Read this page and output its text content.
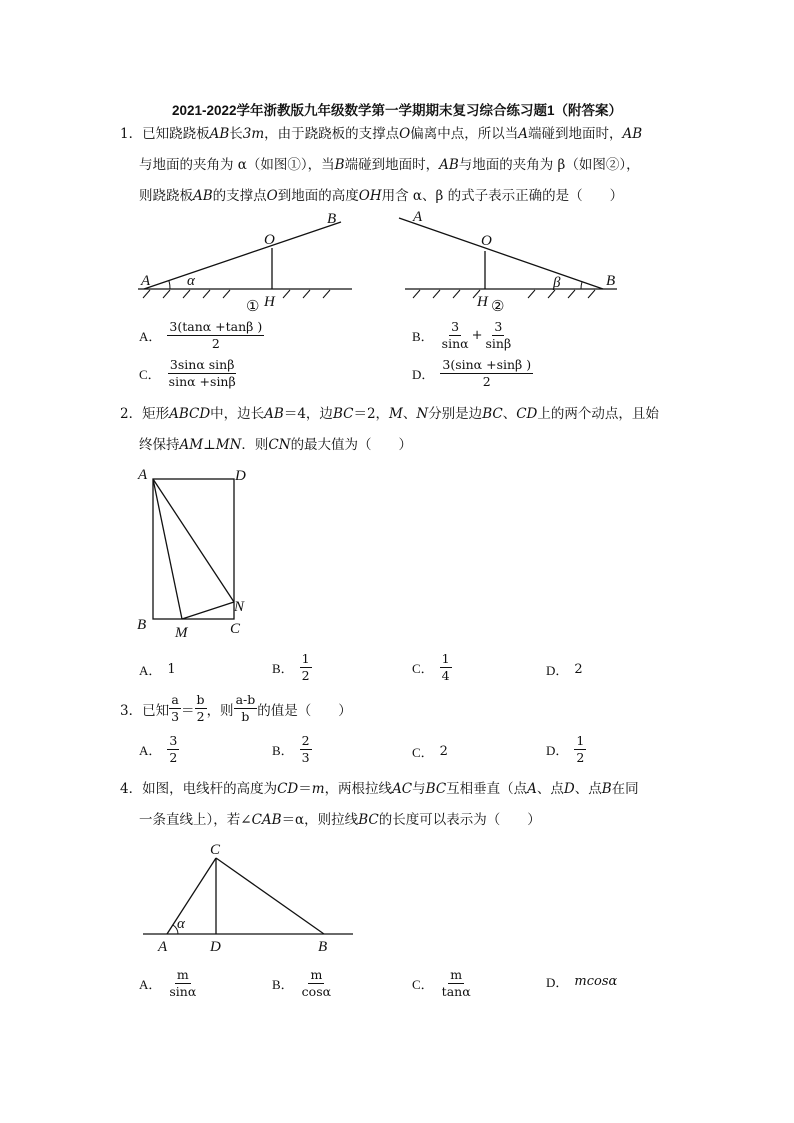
2021-2022学年浙教版九年级数学第一学期期末复习综合练习题1（附答案）
1．已知跷跷板AB长3m，由于跷跷板的支撑点O偏离中点，所以当A端碰到地面时，AB
与地面的夹角为 α（如图①），当B端碰到地面时，AB与地面的夹角为 β（如图②），
则跷跷板AB的支撑点O到地面的高度OH用含 α、β 的式子表示正确的是（　　）
A
B
O
H
α
①
A
B
O
H
β
②
A． $\frac{3(\tan\alpha +\tan\beta )}{2}$	B． $\frac{3}{\sin\alpha} + \frac{3}{\sin\beta}$
C． $\frac{\text{3sinα sinβ}}{\sin\alpha +\sin\beta}$	D． $\frac{3(\sin\alpha +\sin\beta )}{2}$
2．矩形ABCD中，边长AB＝4，边BC＝2，M、N分别是边BC、CD上的两个动点，且始
终保持AM⊥MN．则CN的最大值为（　　）
A	D
B	C
M
N
A． 1	B． $\frac{1}{2}$	C． $\frac{1}{4}$	D． 2
3． 已知 $\frac{a}{3} = \frac{b}{2}$ ，则 $\frac{a-b}{b}$ 的值是（　　）
A． $\frac{3}{2}$	B． $\frac{2}{3}$	C． 2	D． $\frac{1}{2}$
4．如图，电线杆的高度为CD＝m，两根拉线AC与BC互相垂直（点A、点D、点B在同
一条直线上），若∠CAB＝α，则拉线BC的长度可以表示为（　　）
C
A	D	B
α
A． $\frac{m}{\sin\alpha}$	B． $\frac{m}{\cos\alpha}$	C． $\frac{m}{\tan\alpha}$	D． mcosα
